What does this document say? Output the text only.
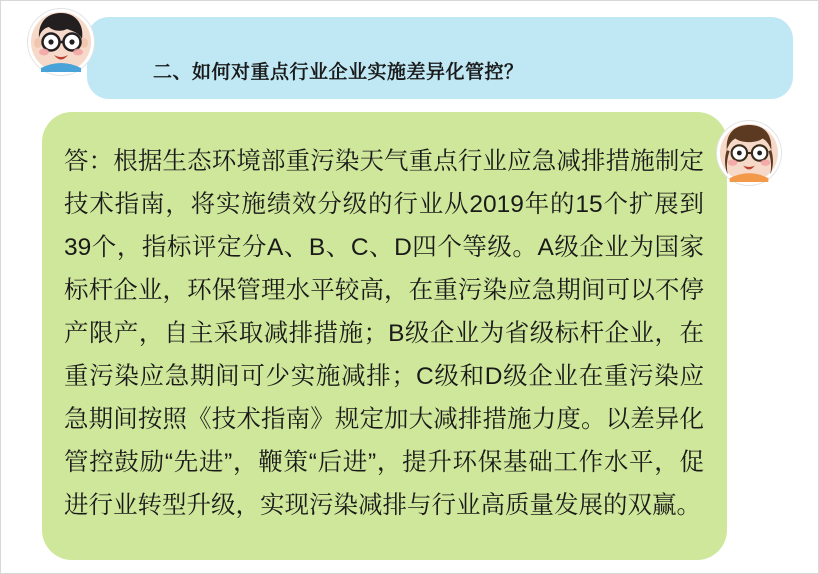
二、如何对重点行业企业实施差异化管控？
答：根据生态环境部重污染天气重点行业应急减排措施制定技术指南，将实施绩效分级的行业从2019年的15个扩展到39个，指标评定分A、B、C、D四个等级。A级企业为国家标杆企业，环保管理水平较高，在重污染应急期间可以不停产限产，自主采取减排措施；B级企业为省级标杆企业，在重污染应急期间可少实施减排；C级和D级企业在重污染应急期间按照《技术指南》规定加大减排措施力度。以差异化管控鼓励“先进”，鞭策“后进”，提升环保基础工作水平，促进行业转型升级，实现污染减排与行业高质量发展的双赢。
